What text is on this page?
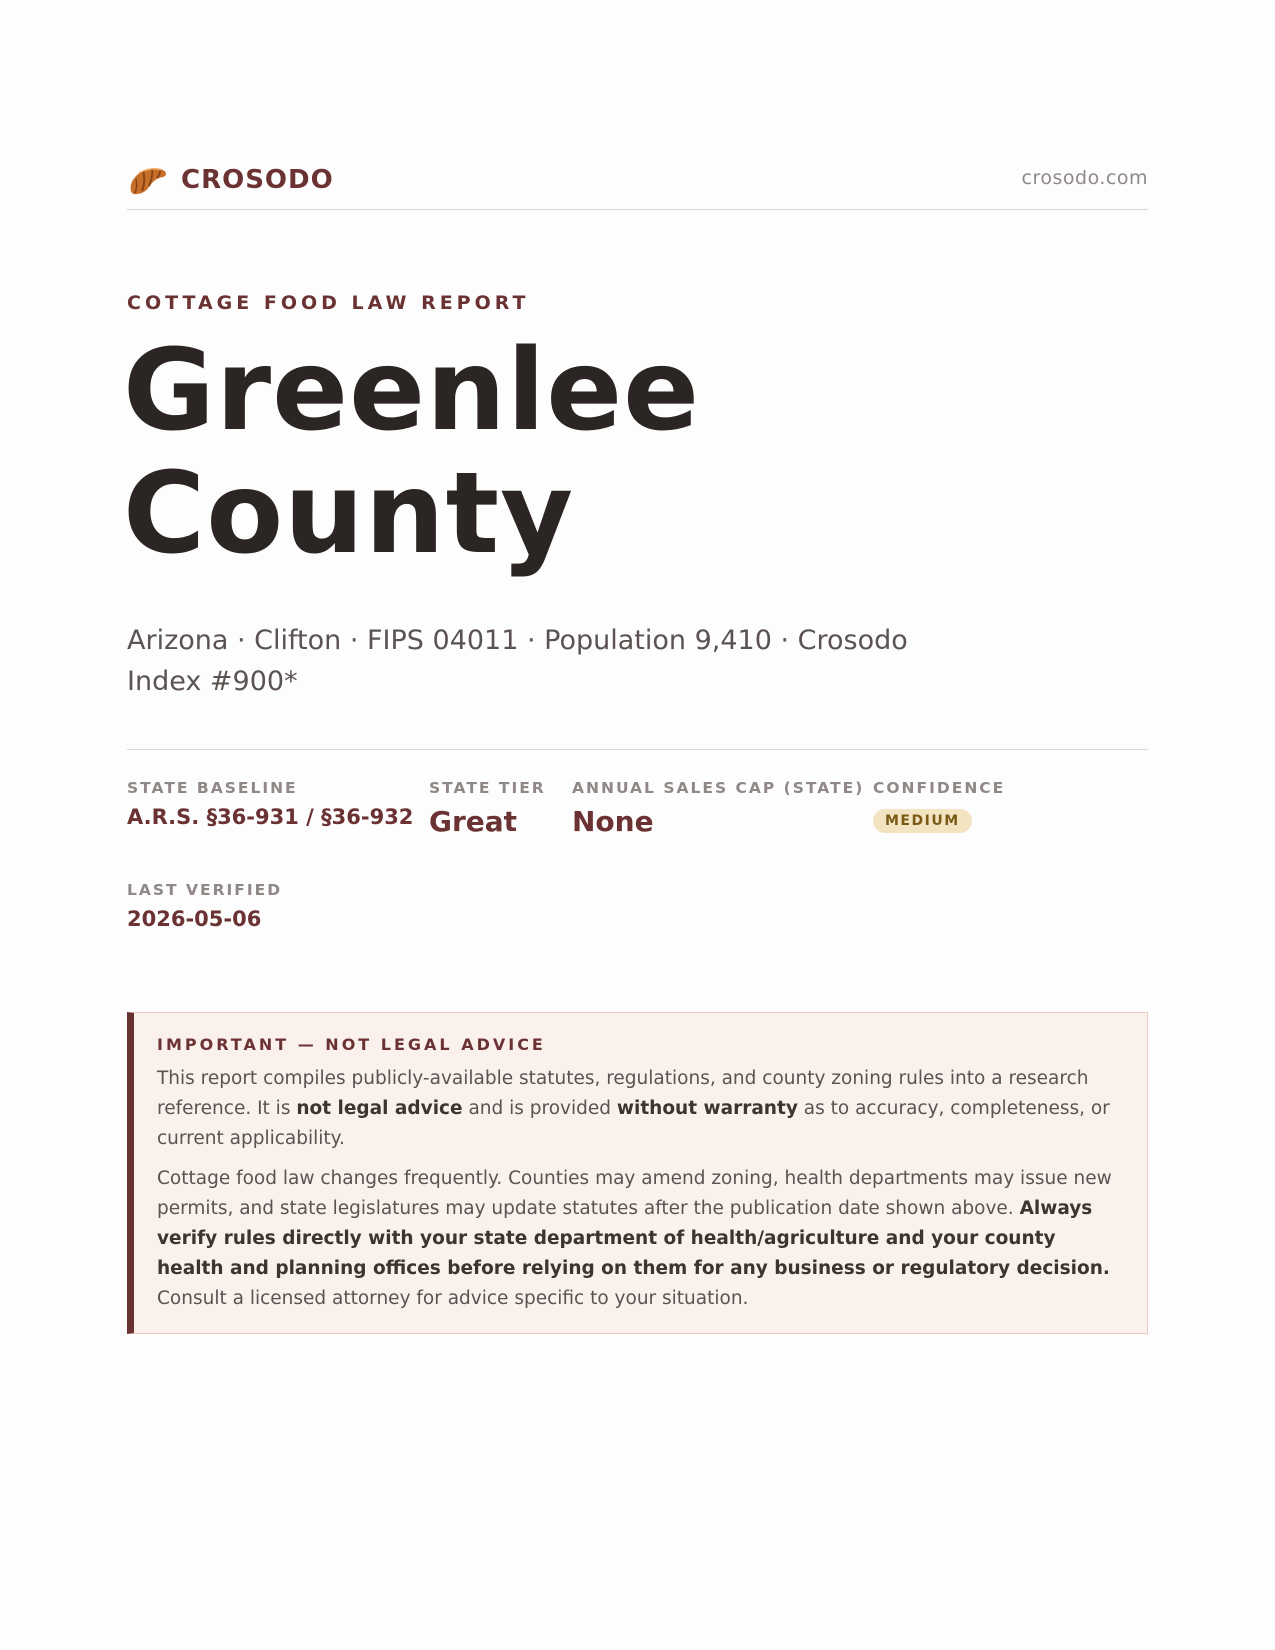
CROSODO	crosodo.com
COTTAGE FOOD LAW REPORT
Greenlee County
Arizona · Clifton · FIPS 04011 · Population 9,410 · Crosodo Index #900*
STATE BASELINE
A.R.S. §36-931 / §36-932
STATE TIER
Great
ANNUAL SALES CAP (STATE)
None
CONFIDENCE
MEDIUM
LAST VERIFIED
2026-05-06
IMPORTANT — NOT LEGAL ADVICE

This report compiles publicly-available statutes, regulations, and county zoning rules into a research reference. It is not legal advice and is provided without warranty as to accuracy, completeness, or current applicability.

Cottage food law changes frequently. Counties may amend zoning, health departments may issue new permits, and state legislatures may update statutes after the publication date shown above. Always verify rules directly with your state department of health/agriculture and your county health and planning offices before relying on them for any business or regulatory decision. Consult a licensed attorney for advice specific to your situation.
